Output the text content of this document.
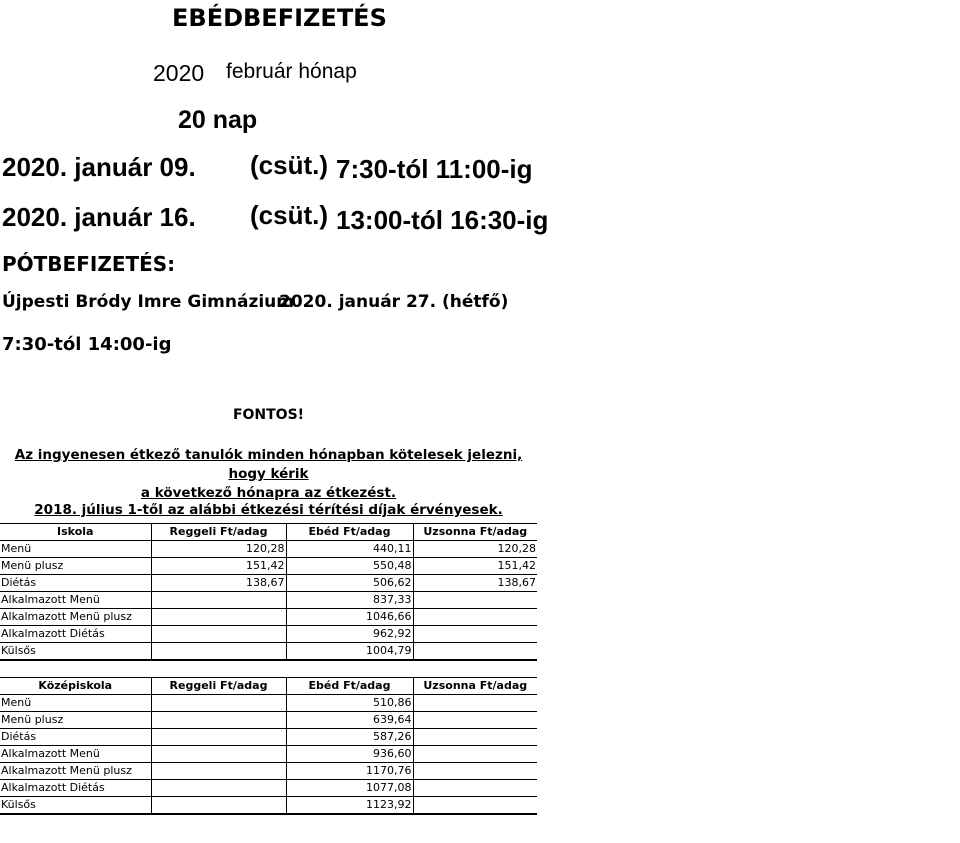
EBÉDBEFIZETÉS
2020 február hónap
20 nap
2020. január 09. (csüt.) 7:30-tól 11:00-ig
2020. január 16. (csüt.) 13:00-tól 16:30-ig
PÓTBEFIZETÉS:
Újpesti Bródy Imre Gimnázium
2020. január 27. (hétfő)
7:30-tól 14:00-ig
FONTOS!
Az ingyenesen étkező tanulók minden hónapban kötelesek jelezni, hogy kérik
a következő hónapra az étkezést.
2018. július 1-től az alábbi étkezési térítési díjak érvényesek.
Iskola	Reggeli Ft/adag	Ebéd Ft/adag	Uzsonna Ft/adag
Menü	120,28	440,11	120,28
Menü plusz	151,42	550,48	151,42
Diétás	138,67	506,62	138,67
Alkalmazott Menü		837,33	
Alkalmazott Menü plusz		1046,66	
Alkalmazott Diétás		962,92	
Külsős		1004,79	
Középiskola	Reggeli Ft/adag	Ebéd Ft/adag	Uzsonna Ft/adag
Menü		510,86	
Menü plusz		639,64	
Diétás		587,26	
Alkalmazott Menü		936,60	
Alkalmazott Menü plusz		1170,76	
Alkalmazott Diétás		1077,08	
Külsős		1123,92	
